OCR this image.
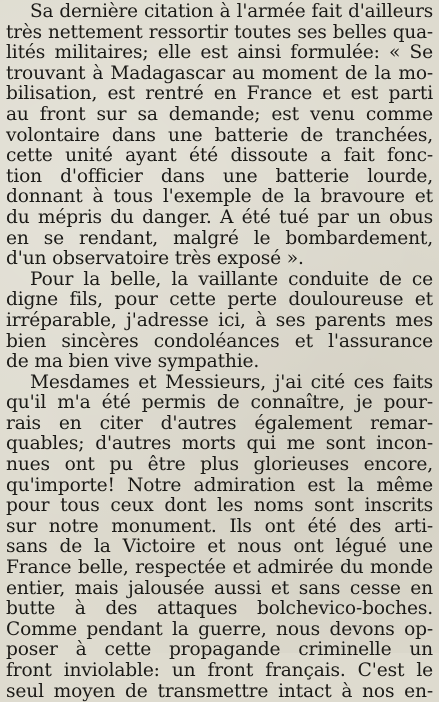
Sa dernière citation à l'armée fait d'ailleurs
très nettement ressortir toutes ses belles qua-
lités militaires; elle est ainsi formulée: « Se
trouvant à Madagascar au moment de la mo-
bilisation, est rentré en France et est parti
au front sur sa demande; est venu comme
volontaire dans une batterie de tranchées,
cette unité ayant été dissoute a fait fonc-
tion d'officier dans une batterie lourde,
donnant à tous l'exemple de la bravoure et
du mépris du danger. A été tué par un obus
en se rendant, malgré le bombardement,
d'un observatoire très exposé ».
Pour la belle, la vaillante conduite de ce
digne fils, pour cette perte douloureuse et
irréparable, j'adresse ici, à ses parents mes
bien sincères condoléances et l'assurance
de ma bien vive sympathie.
Mesdames et Messieurs, j'ai cité ces faits
qu'il m'a été permis de connaître, je pour-
rais en citer d'autres également remar-
quables; d'autres morts qui me sont incon-
nues ont pu être plus glorieuses encore,
qu'importe! Notre admiration est la même
pour tous ceux dont les noms sont inscrits
sur notre monument. Ils ont été des arti-
sans de la Victoire et nous ont légué une
France belle, respectée et admirée du monde
entier, mais jalousée aussi et sans cesse en
butte à des attaques bolchevico-boches.
Comme pendant la guerre, nous devons op-
poser à cette propagande criminelle un
front inviolable: un front français. C'est le
seul moyen de transmettre intact à nos en-
